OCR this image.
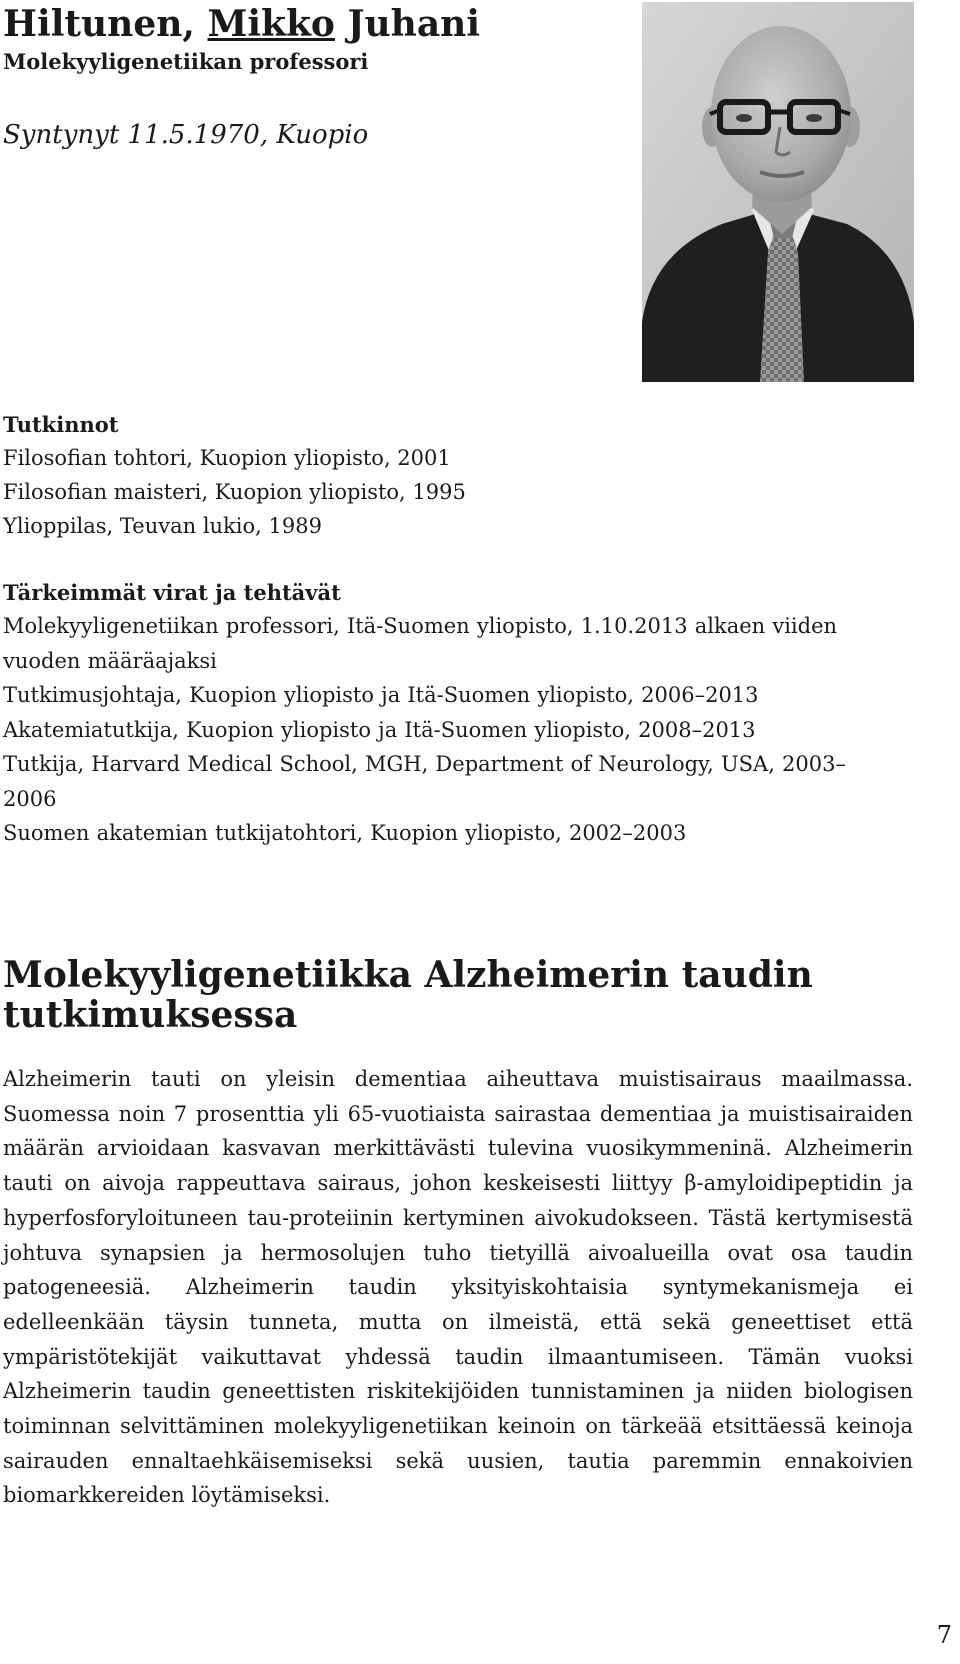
Hiltunen, Mikko Juhani
Molekyyligenetiikan professori
Syntynyt 11.5.1970, Kuopio
Tutkinnot
Filosofian tohtori, Kuopion yliopisto, 2001
Filosofian maisteri, Kuopion yliopisto, 1995
Ylioppilas, Teuvan lukio, 1989
Tärkeimmät virat ja tehtävät
Molekyyligenetiikan professori, Itä-Suomen yliopisto, 1.10.2013 alkaen viiden vuoden määräajaksi
Tutkimusjohtaja, Kuopion yliopisto ja Itä-Suomen yliopisto, 2006–2013
Akatemiatutkija, Kuopion yliopisto ja Itä-Suomen yliopisto, 2008–2013
Tutkija, Harvard Medical School, MGH, Department of Neurology, USA, 2003–2006
Suomen akatemian tutkijatohtori, Kuopion yliopisto, 2002–2003
Molekyyligenetiikka Alzheimerin taudin tutkimuksessa
Alzheimerin tauti on yleisin dementiaa aiheuttava muistisairaus maailmassa. Suomessa noin 7 prosenttia yli 65-vuotiaista sairastaa dementiaa ja muistisairaiden määrän arvioidaan kasvavan merkittävästi tulevina vuosikymmeninä. Alzheimerin tauti on aivoja rappeuttava sairaus, johon keskeisesti liittyy β-amyloidipeptidin ja hyperfosforyloituneen tau-proteiinin kertyminen aivokudokseen. Tästä kertymisestä johtuva synapsien ja hermosolujen tuho tietyillä aivoalueilla ovat osa taudin patogeneesiä. Alzheimerin taudin yksityiskohtaisia syntymekanismeja ei edelleenkään täysin tunneta, mutta on ilmeistä, että sekä geneettiset että ympäristötekijät vaikuttavat yhdessä taudin ilmaantumiseen. Tämän vuoksi Alzheimerin taudin geneettisten riskitekijöiden tunnistaminen ja niiden biologisen toiminnan selvittäminen molekyyligenetiikan keinoin on tärkeää etsittäessä keinoja sairauden ennaltaehkäisemiseksi sekä uusien, tautia paremmin ennakoivien biomarkkereiden löytämiseksi.
7
